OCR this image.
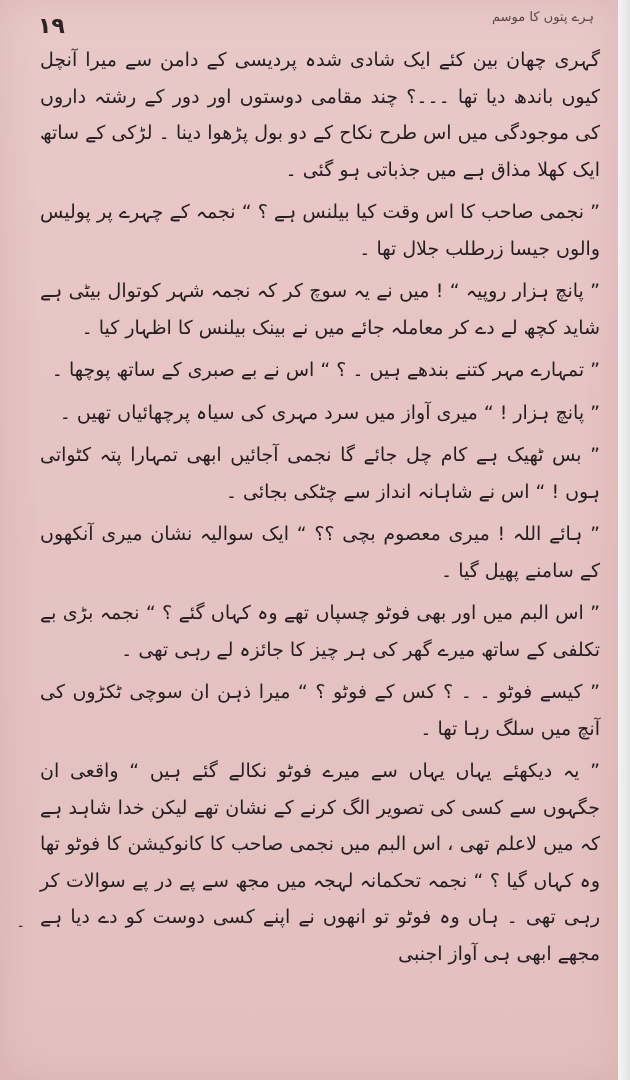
١٩	ہرے پتوں کا موسم

گہری چھان بین کئے ایک شادی شدہ پردیسی کے دامن سے میرا آنچل کیوں باندھ دیا تھا ۔۔۔؟ چند مقامی دوستوں اور دور کے رشتہ داروں کی موجودگی میں اس طرح نکاح کے دو بول پڑھوا دینا ۔ لڑکی کے ساتھ ایک کھلا مذاق ہے میں جذباتی ہو گئی ۔

” نجمی صاحب کا اس وقت کیا بیلنس ہے ؟ “ نجمہ کے چہرے پر پولیس والوں جیسا زرطلب جلال تھا ۔

” پانچ ہزار روپیہ “ ! میں نے یہ سوچ کر کہ نجمہ شہر کوتوال بیٹی ہے شاید کچھ لے دے کر معاملہ جائے میں نے بینک بیلنس کا اظہار کیا ۔

” تمہارے مہر کتنے بندھے ہیں ۔ ؟ “ اس نے بے صبری کے ساتھ پوچھا ۔

” پانچ ہزار ! “ میری آواز میں سرد مہری کی سیاہ پرچھائیاں تھیں ۔

” بس ٹھیک ہے کام چل جائے گا نجمی آجائیں ابھی تمہارا پتہ کٹواتی ہوں ! “ اس نے شاہانہ انداز سے چٹکی بجائی ۔

” ہائے اللہ ! میری معصوم بچی ؟؟ “ ایک سوالیہ نشان میری آنکھوں کے سامنے پھیل گیا ۔

” اس البم میں اور بھی فوٹو چسپاں تھے وہ کہاں گئے ؟ “ نجمہ بڑی بے تکلفی کے ساتھ میرے گھر کی ہر چیز کا جائزہ لے رہی تھی ۔

” کیسے فوٹو ۔ ۔ ؟ کس کے فوٹو ؟ “ میرا ذہن ان سوچی ٹکڑوں کی آنچ میں سلگ رہا تھا ۔

” یہ دیکھئے یہاں یہاں سے میرے فوٹو نکالے گئے ہیں “ واقعی ان جگہوں سے کسی کی تصویر الگ کرنے کے نشان تھے لیکن خدا شاہد ہے کہ میں لاعلم تھی ، اس البم میں نجمی صاحب کا کانوکیشن کا فوٹو تھا وہ کہاں گیا ؟ “ نجمہ تحکمانہ لہجہ میں مجھ سے پے در پے سوالات کر رہی تھی ۔ ہاں وہ فوٹو تو انھوں نے اپنے کسی دوست کو دے دیا ہے مجھے ابھی ہی آواز اجنبی

۔
